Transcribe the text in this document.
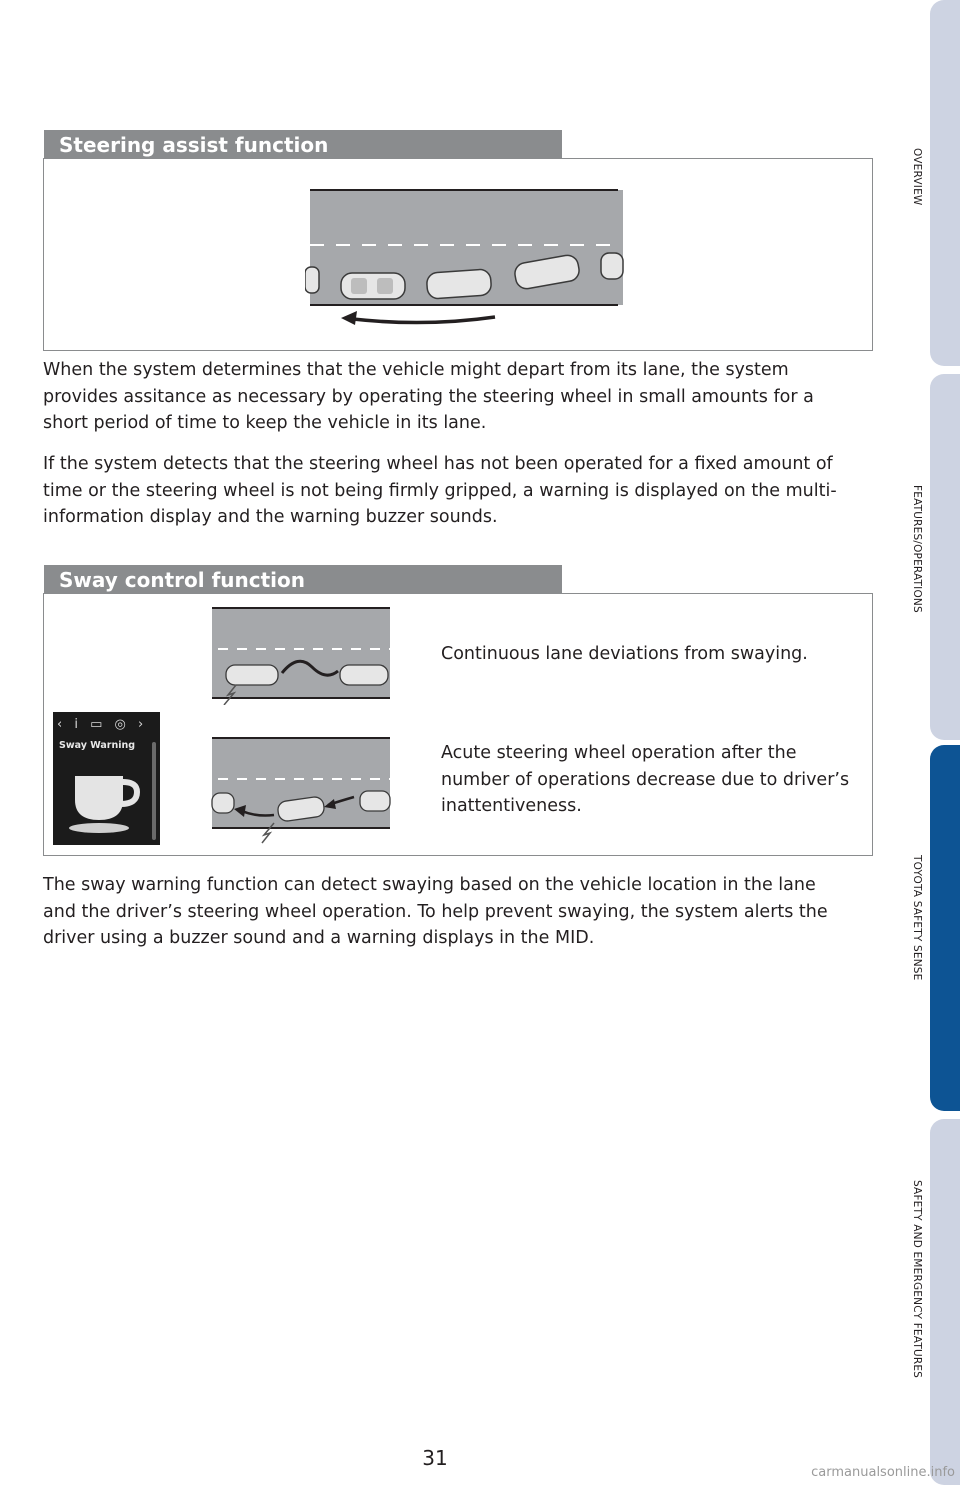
OVERVIEW
FEATURES/OPERATIONS
TOYOTA SAFETY SENSE
SAFETY AND EMERGENCY FEATURES
Steering assist function

When the system determines that the vehicle might depart from its lane, the system provides assitance as necessary by operating the steering wheel in small amounts for a short period of time to keep the vehicle in its lane.

If the system detects that the steering wheel has not been operated for a fixed amount of time or the steering wheel is not being firmly gripped, a warning is displayed on the multi-information display and the warning buzzer sounds.

Sway control function
‹ i ▭ ◎ ›
Sway Warning

Continuous lane deviations from swaying.

Acute steering wheel operation after the number of operations decrease due to driver’s inattentiveness.

The sway warning function can detect swaying based on the vehicle location in the lane and the driver’s steering wheel operation. To help prevent swaying, the system alerts the driver using a buzzer sound and a warning displays in the MID.

31
carmanualsonline.info
